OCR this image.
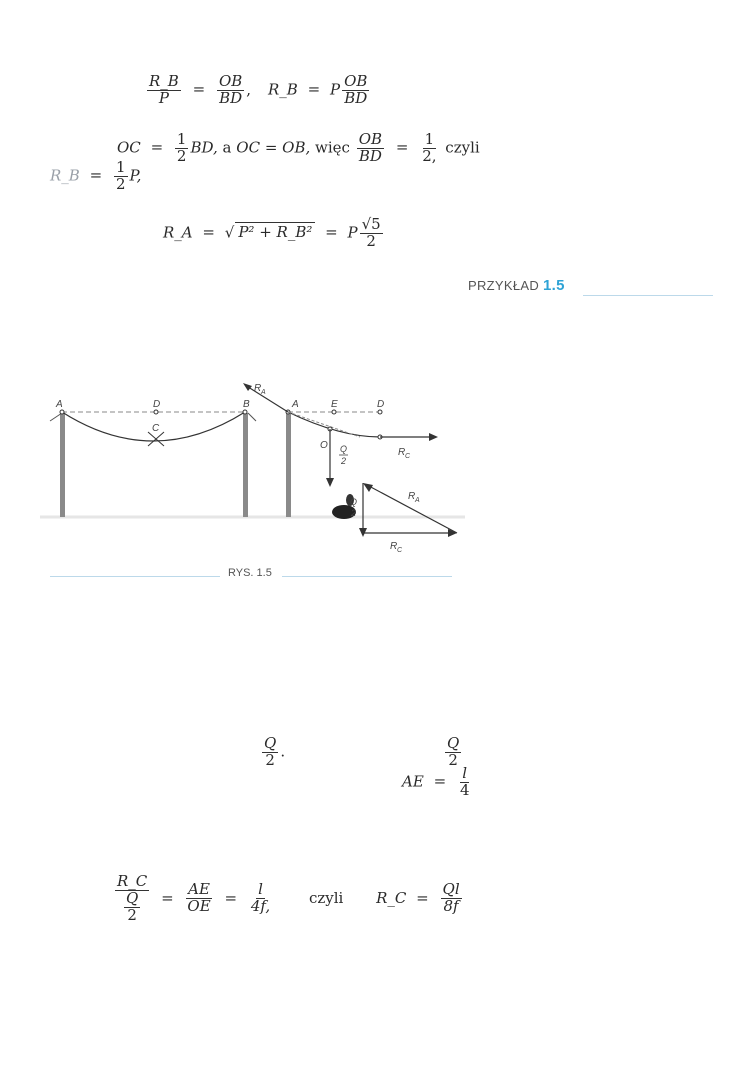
$\frac{R\_B}{P} = \frac{OB}{BD}$ , R_B = P $\frac{OB}{BD}$
OC = $\frac{1}{2}$ BD, a OC = OB, więc $\frac{OB}{BD} = \frac{1}{2,}$ czyli
R_B = $\frac{1}{2} P$,
R_A = √ P² + R_B² = P $\frac{√5}{2}$
PRZYKŁAD 1.5
A	D	B
C
A	E	D
O
R A
Q
2
R C
Q
2
R A
R C
RYS. 1.5
$\frac{Q}{2}$ .	$\frac{Q}{2}$
AE = $\frac{l}{4}$
$\frac{R\_C}{\frac{Q}{2}} = \frac{AE}{OE} = \frac{l}{4f,}$ czyli R_C = $\frac{Ql}{8f}$
